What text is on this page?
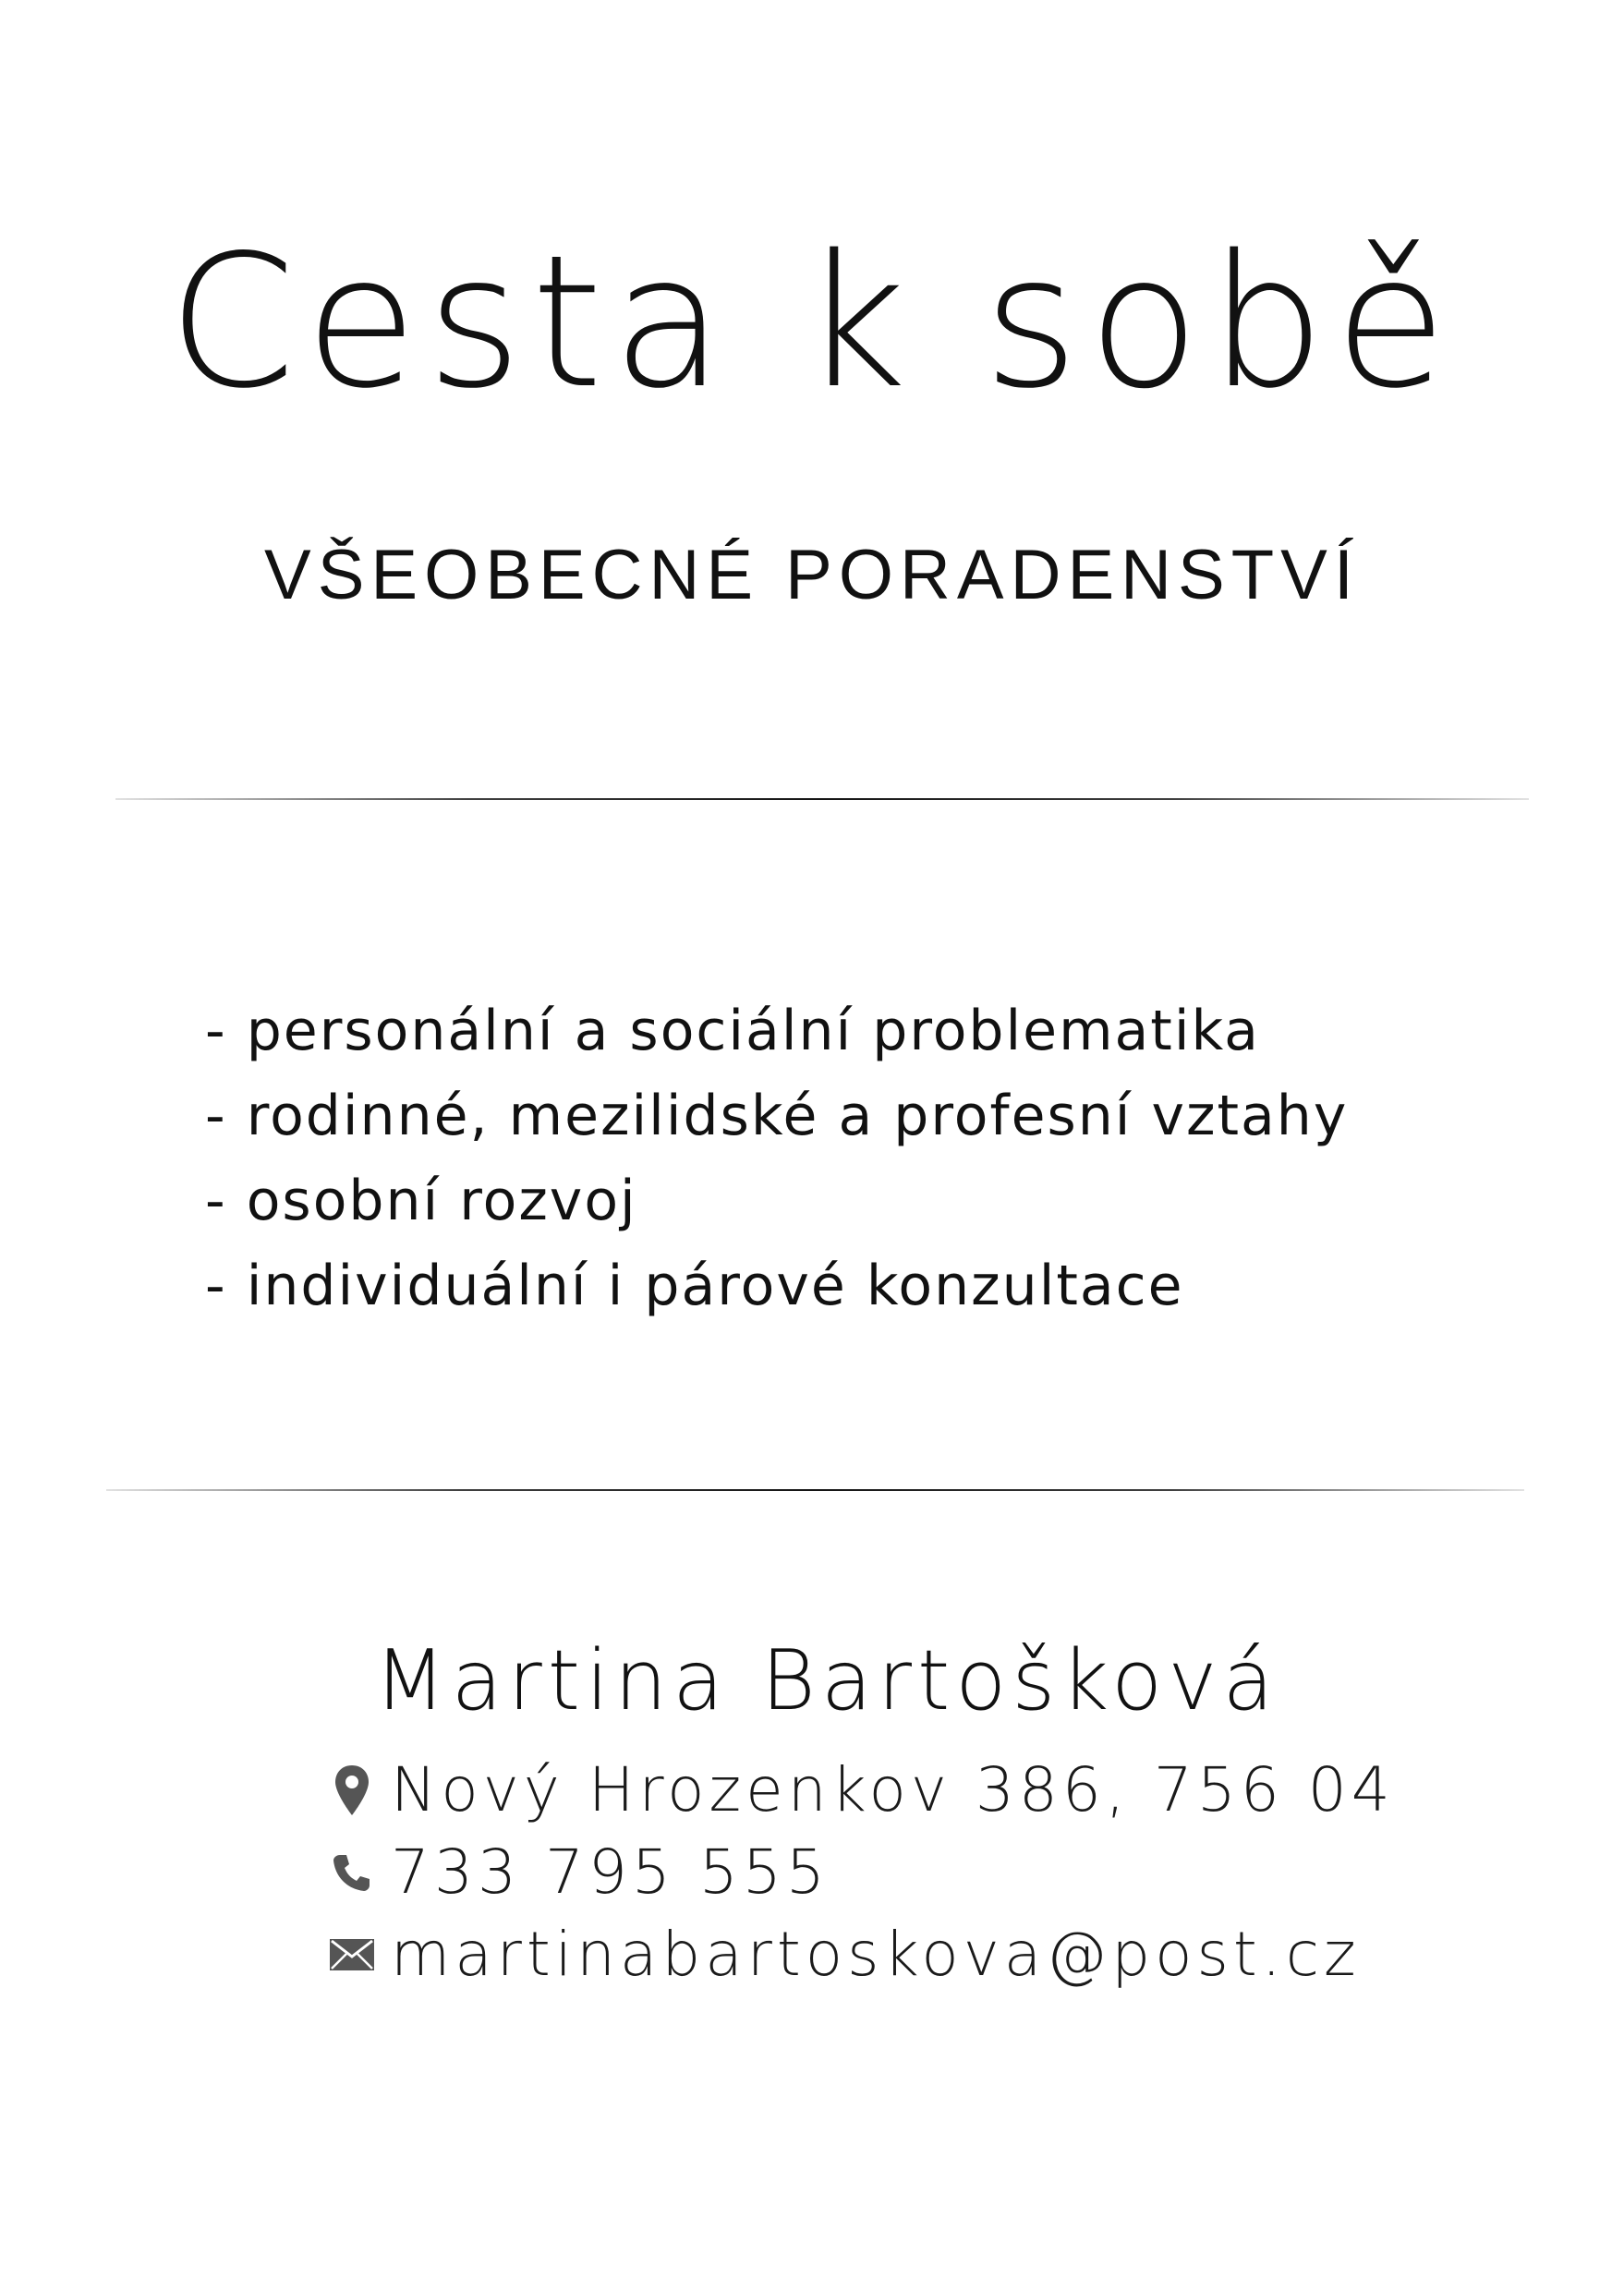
Cesta k sobě
VŠEOBECNÉ PORADENSTVÍ
- personální a sociální problematika
- rodinné, mezilidské a profesní vztahy
- osobní rozvoj
- individuální i párové konzultace
Martina Bartošková
Nový Hrozenkov 386, 756 04
733 795 555
martinabartoskova@post.cz
